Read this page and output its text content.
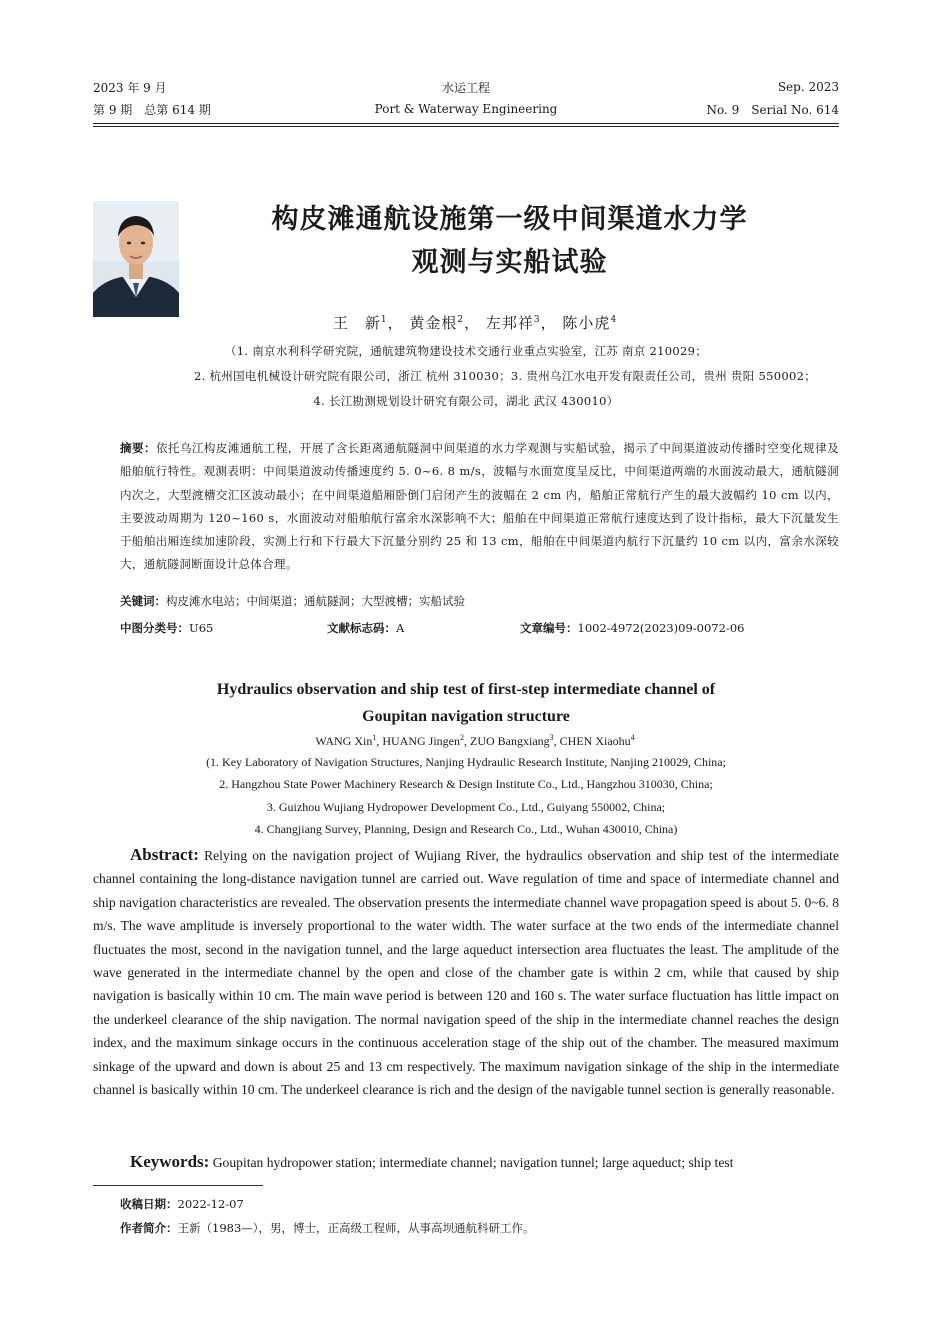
2023 年 9 月	水运工程	Sep. 2023
第 9 期　总第 614 期	Port & Waterway Engineering	No. 9　Serial No. 614
构皮滩通航设施第一级中间渠道水力学
观测与实船试验
王　新$^1$， 黄金根$^2$， 左邦祥$^3$， 陈小虎$^4$
（1. 南京水利科学研究院，通航建筑物建设技术交通行业重点实验室，江苏 南京 210029；
2. 杭州国电机械设计研究院有限公司，浙江 杭州 310030；3. 贵州乌江水电开发有限责任公司，贵州 贵阳 550002；
4. 长江勘测规划设计研究有限公司，湖北 武汉 430010）
摘要：依托乌江构皮滩通航工程，开展了含长距离通航隧洞中间渠道的水力学观测与实船试验，揭示了中间渠道波动传播时空变化规律及船舶航行特性。观测表明：中间渠道波动传播速度约 5. 0~6. 8 m/s，波幅与水面宽度呈反比，中间渠道两端的水面波动最大，通航隧洞内次之，大型渡槽交汇区波动最小；在中间渠道船厢卧倒门启闭产生的波幅在 2 cm 内，船舶正常航行产生的最大波幅约 10 cm 以内，主要波动周期为 120~160 s，水面波动对船舶航行富余水深影响不大；船舶在中间渠道正常航行速度达到了设计指标，最大下沉量发生于船舶出厢连续加速阶段，实测上行和下行最大下沉量分别约 25 和 13 cm，船舶在中间渠道内航行下沉量约 10 cm 以内，富余水深较大，通航隧洞断面设计总体合理。
关键词：构皮滩水电站；中间渠道；通航隧洞；大型渡槽；实船试验
中图分类号：U65	文献标志码：A	文章编号：1002-4972(2023)09-0072-06
Hydraulics observation and ship test of first-step intermediate channel of
Goupitan navigation structure
WANG Xin$^1$, HUANG Jingen$^2$, ZUO Bangxiang$^3$, CHEN Xiaohu$^4$
(1. Key Laboratory of Navigation Structures, Nanjing Hydraulic Research Institute, Nanjing 210029, China;
2. Hangzhou State Power Machinery Research & Design Institute Co., Ltd., Hangzhou 310030, China;
3. Guizhou Wujiang Hydropower Development Co., Ltd., Guiyang 550002, China;
4. Changjiang Survey, Planning, Design and Research Co., Ltd., Wuhan 430010, China)
Abstract: Relying on the navigation project of Wujiang River, the hydraulics observation and ship test of the intermediate channel containing the long-distance navigation tunnel are carried out. Wave regulation of time and space of intermediate channel and ship navigation characteristics are revealed. The observation presents the intermediate channel wave propagation speed is about 5. 0~6. 8 m/s. The wave amplitude is inversely proportional to the water width. The water surface at the two ends of the intermediate channel fluctuates the most, second in the navigation tunnel, and the large aqueduct intersection area fluctuates the least. The amplitude of the wave generated in the intermediate channel by the open and close of the chamber gate is within 2 cm, while that caused by ship navigation is basically within 10 cm. The main wave period is between 120 and 160 s. The water surface fluctuation has little impact on the underkeel clearance of the ship navigation. The normal navigation speed of the ship in the intermediate channel reaches the design index, and the maximum sinkage occurs in the continuous acceleration stage of the ship out of the chamber. The measured maximum sinkage of the upward and down is about 25 and 13 cm respectively. The maximum navigation sinkage of the ship in the intermediate channel is basically within 10 cm. The underkeel clearance is rich and the design of the navigable tunnel section is generally reasonable.
Keywords: Goupitan hydropower station; intermediate channel; navigation tunnel; large aqueduct; ship test
收稿日期：2022-12-07
作者简介：王新（1983—），男，博士，正高级工程师，从事高坝通航科研工作。
